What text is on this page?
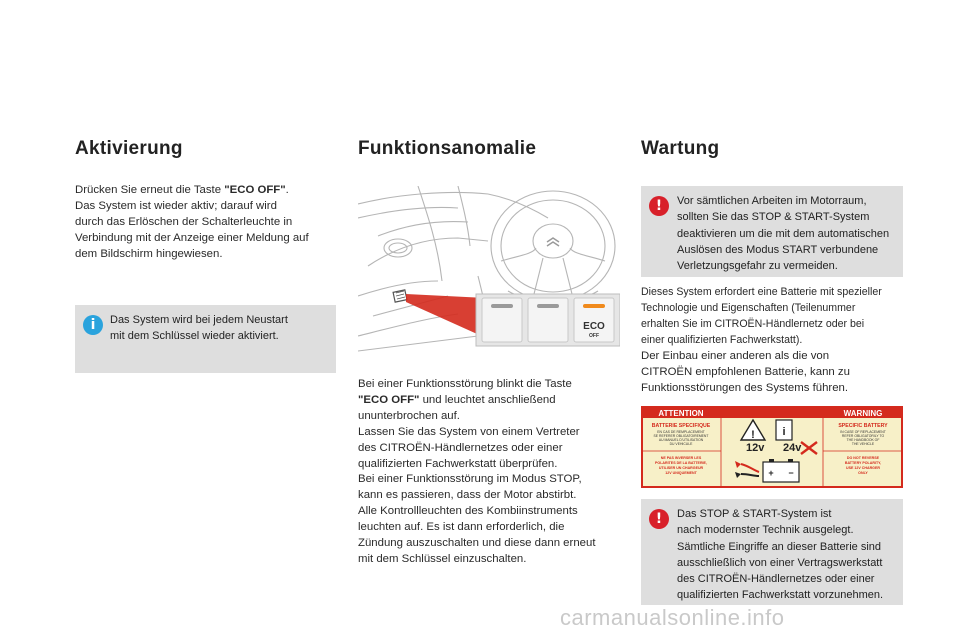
Aktivierung
Drücken Sie erneut die Taste "ECO OFF".
Das System ist wieder aktiv; darauf wird
durch das Erlöschen der Schalterleuchte in
Verbindung mit der Anzeige einer Meldung auf
dem Bildschirm hingewiesen.
i	Das System wird bei jedem Neustart
mit dem Schlüssel wieder aktiviert.
Funktionsanomalie
ECO
OFF
Bei einer Funktionsstörung blinkt die Taste
"ECO OFF" und leuchtet anschließend
ununterbrochen auf.
Lassen Sie das System von einem Vertreter
des CITROËN-Händlernetzes oder einer
qualifizierten Fachwerkstatt überprüfen.
Bei einer Funktionsstörung im Modus STOP,
kann es passieren, dass der Motor abstirbt.
Alle Kontrollleuchten des Kombiinstruments
leuchten auf. Es ist dann erforderlich, die
Zündung auszuschalten und diese dann erneut
mit dem Schlüssel einzuschalten.
Wartung
!	Vor sämtlichen Arbeiten im Motorraum,
sollten Sie das STOP & START-System
deaktivieren um die mit dem automatischen
Auslösen des Modus START verbundene
Verletzungsgefahr zu vermeiden.
Dieses System erfordert eine Batterie mit spezieller
Technologie und Eigenschaften (Teilenummer
erhalten Sie im CITROËN-Händlernetz oder bei
einer qualifizierten Fachwerkstatt).
Der Einbau einer anderen als die von
CITROËN empfohlenen Batterie, kann zu
Funktionsstörungen des Systems führen.
ATTENTION	WARNING
BATTERIE SPECIFIQUE
EN CAS DE REMPLACEMENT
SE REFERER OBLIGATOIREMENT
AU MANUEL D'UTILISATION
DU VEHICULE
SPECIFIC BATTERY
IN CASE OF REPLACEMENT
REFER OBLIGATORILY TO
THE HANDBOOK OF
THE VEHICLE
NE PAS INVERSER LES
POLARITES DE LA BATTERIE,
UTILISER UN CHARGEUR
12V UNIQUEMENT
DO NOT REVERSE
BATTERY POLARITY,
USE 12V CHARGER
ONLY
!	i
12v 24v
+ −
!	Das STOP & START-System ist
nach modernster Technik ausgelegt.
Sämtliche Eingriffe an dieser Batterie sind
ausschließlich von einer Vertragswerkstatt
des CITROËN-Händlernetzes oder einer
qualifizierten Fachwerkstatt vorzunehmen.
carmanualsonline.info
